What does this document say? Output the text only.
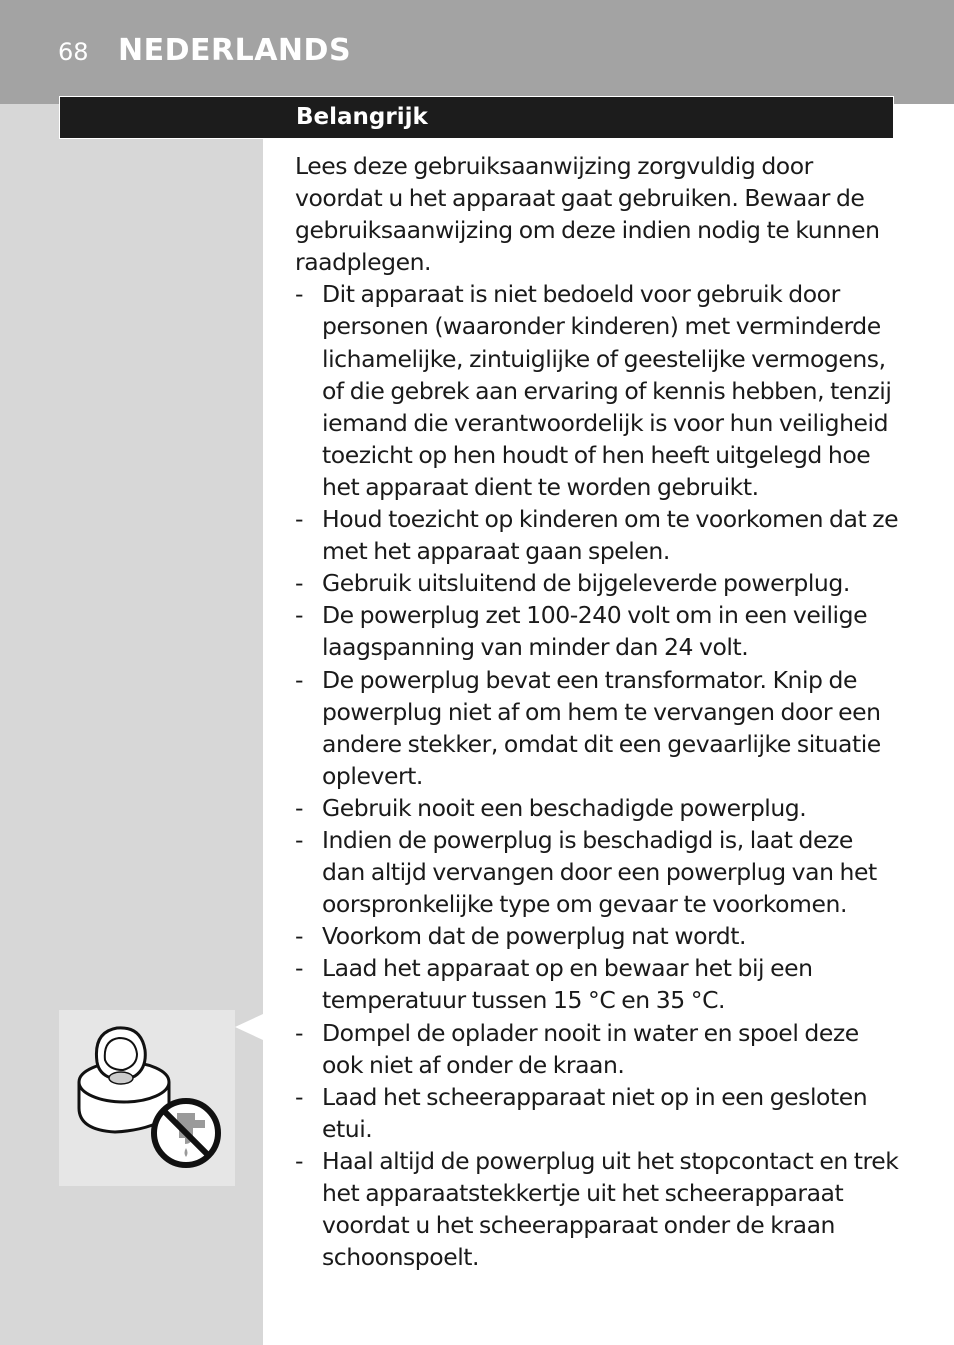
68 NEDERLANDS
Belangrijk

Lees deze gebruiksaanwijzing zorgvuldig door voordat u het apparaat gaat gebruiken. Bewaar de gebruiksaanwijzing om deze indien nodig te kunnen raadplegen.

- Dit apparaat is niet bedoeld voor gebruik door personen (waaronder kinderen) met verminderde lichamelijke, zintuiglijke of geestelijke vermogens, of die gebrek aan ervaring of kennis hebben, tenzij iemand die verantwoordelijk is voor hun veiligheid toezicht op hen houdt of hen heeft uitgelegd hoe het apparaat dient te worden gebruikt.
- Houd toezicht op kinderen om te voorkomen dat ze met het apparaat gaan spelen.
- Gebruik uitsluitend de bijgeleverde powerplug.
- De powerplug zet 100-240 volt om in een veilige laagspanning van minder dan 24 volt.
- De powerplug bevat een transformator. Knip de powerplug niet af om hem te vervangen door een andere stekker, omdat dit een gevaarlijke situatie oplevert.
- Gebruik nooit een beschadigde powerplug.
- Indien de powerplug is beschadigd is, laat deze dan altijd vervangen door een powerplug van het oorspronkelijke type om gevaar te voorkomen.
- Voorkom dat de powerplug nat wordt.
- Laad het apparaat op en bewaar het bij een temperatuur tussen 15 °C en 35 °C.
- Dompel de oplader nooit in water en spoel deze ook niet af onder de kraan.
- Laad het scheerapparaat niet op in een gesloten etui.
- Haal altijd de powerplug uit het stopcontact en trek het apparaatstekkertje uit het scheerapparaat voordat u het scheerapparaat onder de kraan schoonspoelt.
